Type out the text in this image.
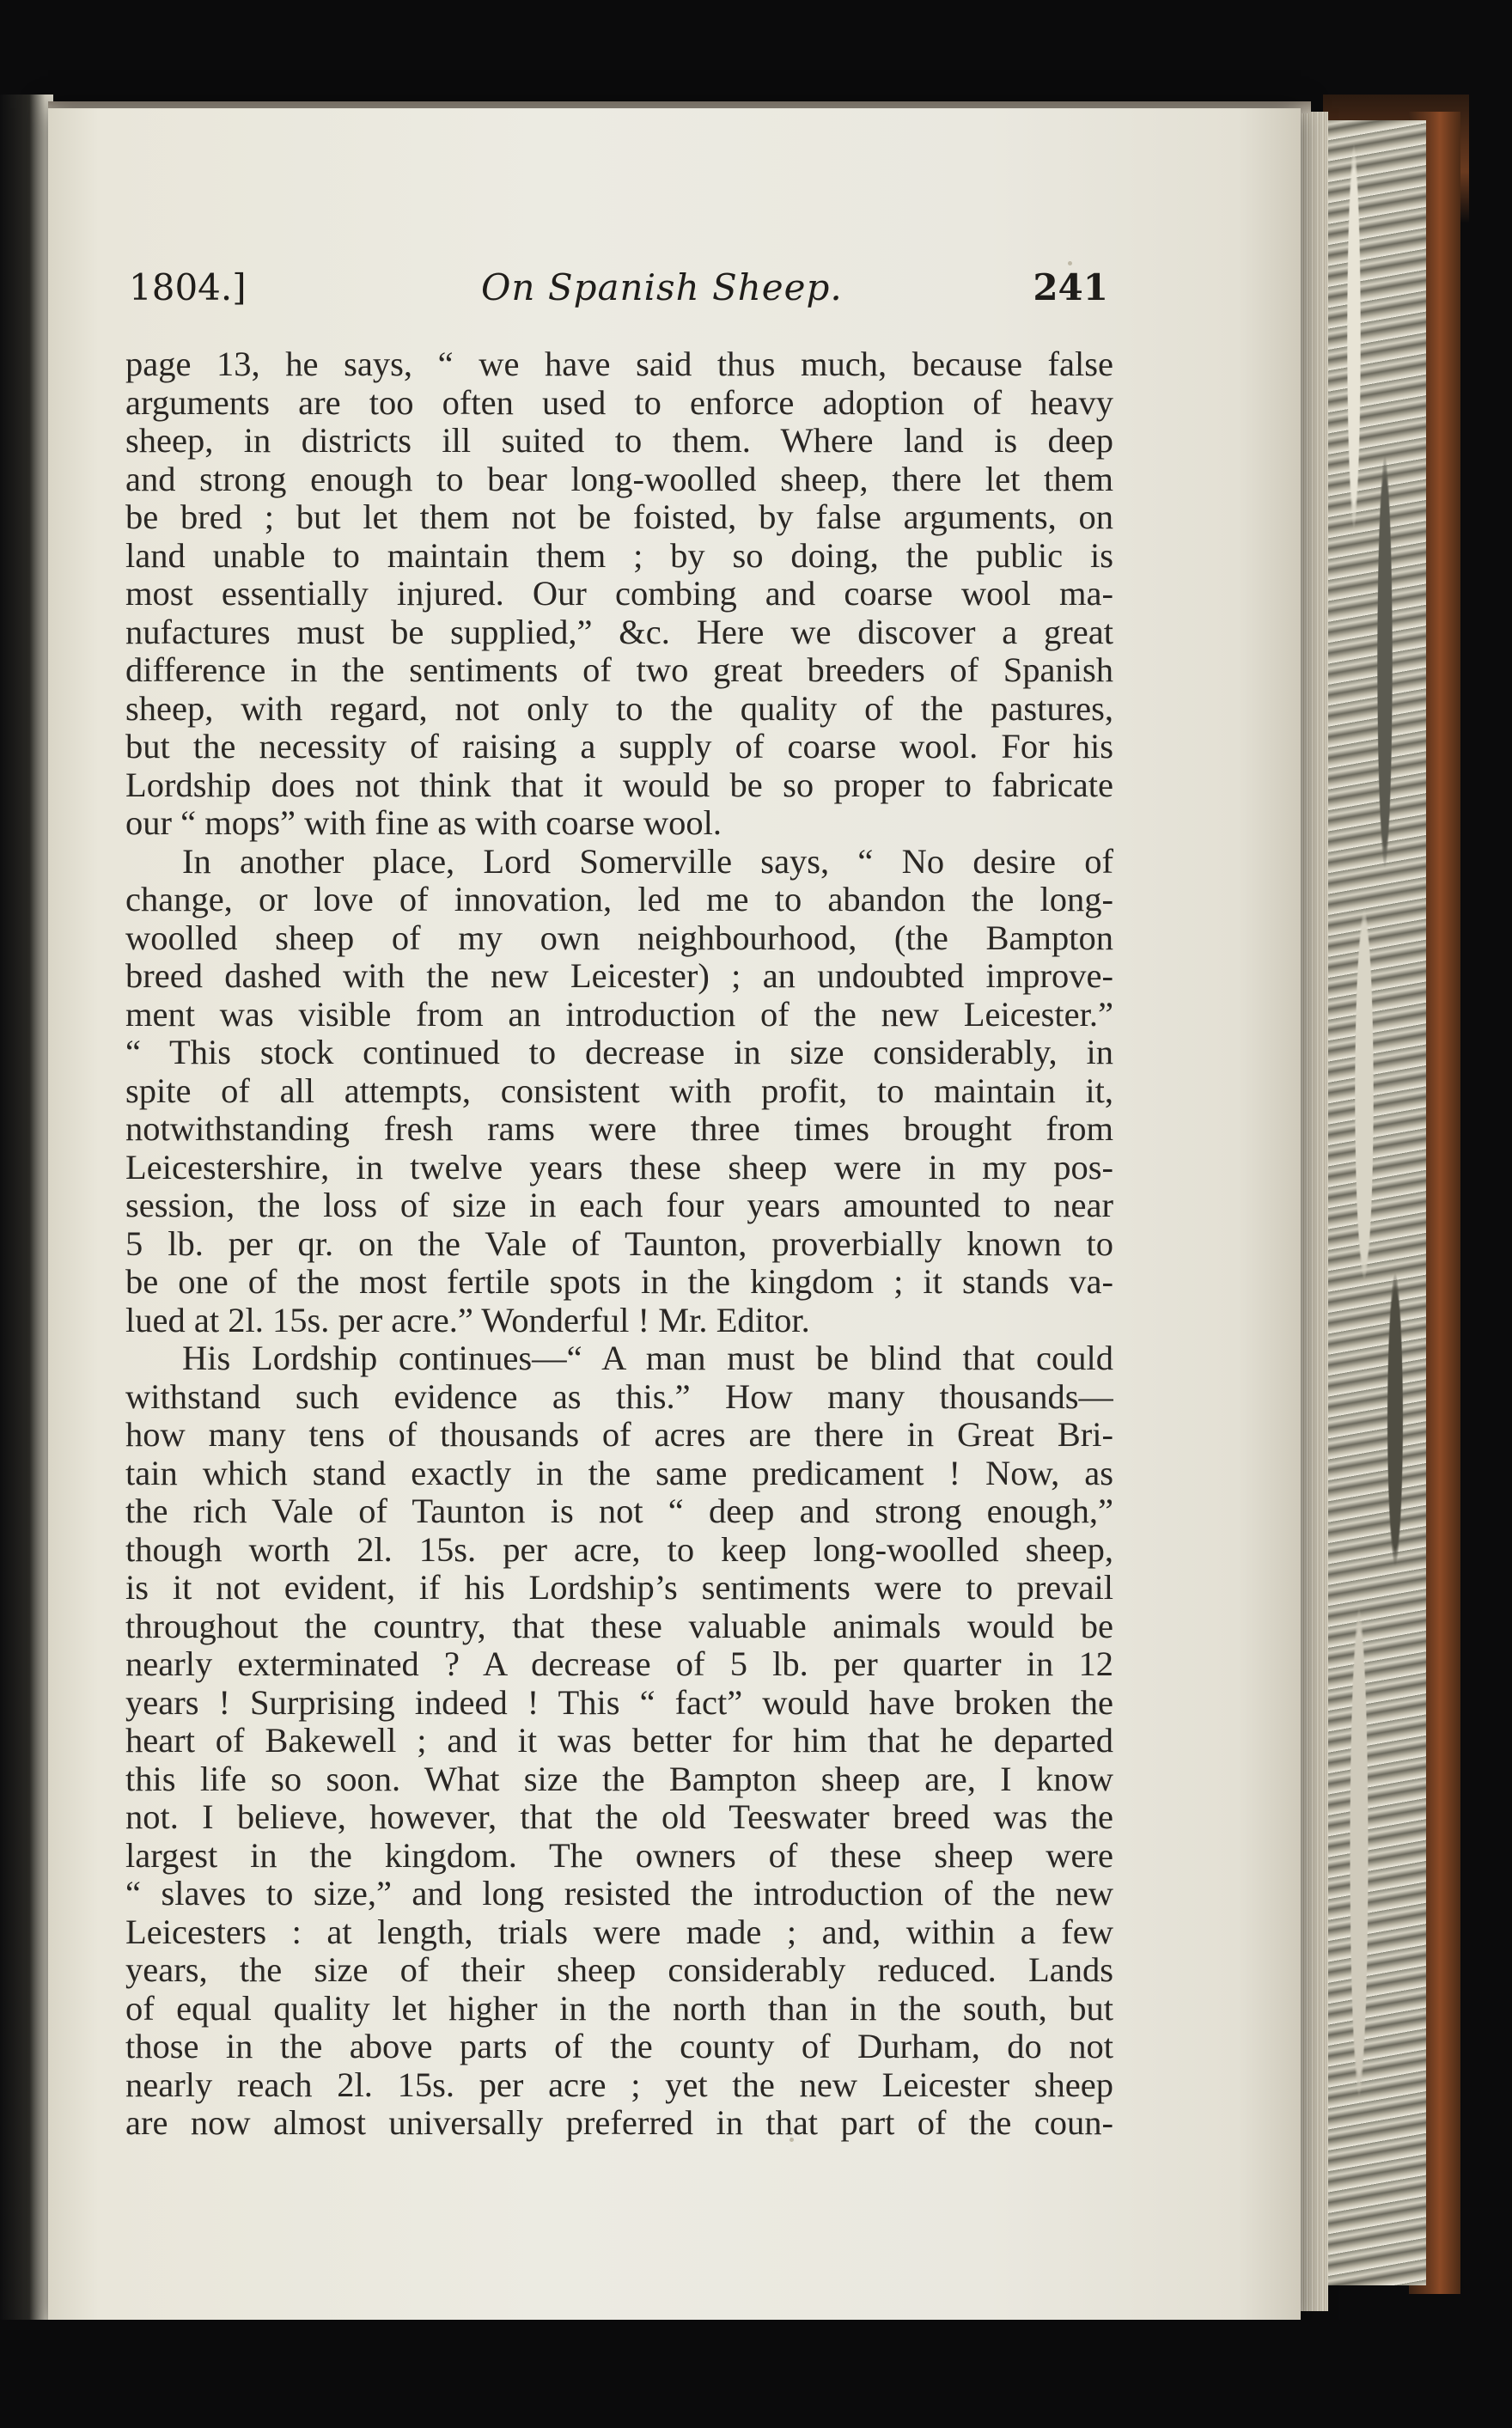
1804.]	On Spanish Sheep.	241
page 13, he says, “ we have said thus much, because false
arguments are too often used to enforce adoption of heavy
sheep, in districts ill suited to them. Where land is deep
and strong enough to bear long-woolled sheep, there let them
be bred ; but let them not be foisted, by false arguments, on
land unable to maintain them ; by so doing, the public is
most essentially injured. Our combing and coarse wool ma-
nufactures must be supplied,” &c. Here we discover a great
difference in the sentiments of two great breeders of Spanish
sheep, with regard, not only to the quality of the pastures,
but the necessity of raising a supply of coarse wool. For his
Lordship does not think that it would be so proper to fabricate
our “ mops” with fine as with coarse wool.
In another place, Lord Somerville says, “ No desire of
change, or love of innovation, led me to abandon the long-
woolled sheep of my own neighbourhood, (the Bampton
breed dashed with the new Leicester) ; an undoubted improve-
ment was visible from an introduction of the new Leicester.”
“ This stock continued to decrease in size considerably, in
spite of all attempts, consistent with profit, to maintain it,
notwithstanding fresh rams were three times brought from
Leicestershire, in twelve years these sheep were in my pos-
session, the loss of size in each four years amounted to near
5 lb. per qr. on the Vale of Taunton, proverbially known to
be one of the most fertile spots in the kingdom ; it stands va-
lued at 2l. 15s. per acre.” Wonderful ! Mr. Editor.
His Lordship continues—“ A man must be blind that could
withstand such evidence as this.” How many thousands—
how many tens of thousands of acres are there in Great Bri-
tain which stand exactly in the same predicament ! Now, as
the rich Vale of Taunton is not “ deep and strong enough,”
though worth 2l. 15s. per acre, to keep long-woolled sheep,
is it not evident, if his Lordship’s sentiments were to prevail
throughout the country, that these valuable animals would be
nearly exterminated ? A decrease of 5 lb. per quarter in 12
years ! Surprising indeed ! This “ fact” would have broken the
heart of Bakewell ; and it was better for him that he departed
this life so soon. What size the Bampton sheep are, I know
not. I believe, however, that the old Teeswater breed was the
largest in the kingdom. The owners of these sheep were
“ slaves to size,” and long resisted the introduction of the new
Leicesters : at length, trials were made ; and, within a few
years, the size of their sheep considerably reduced. Lands
of equal quality let higher in the north than in the south, but
those in the above parts of the county of Durham, do not
nearly reach 2l. 15s. per acre ; yet the new Leicester sheep
are now almost universally preferred in that part of the coun-
